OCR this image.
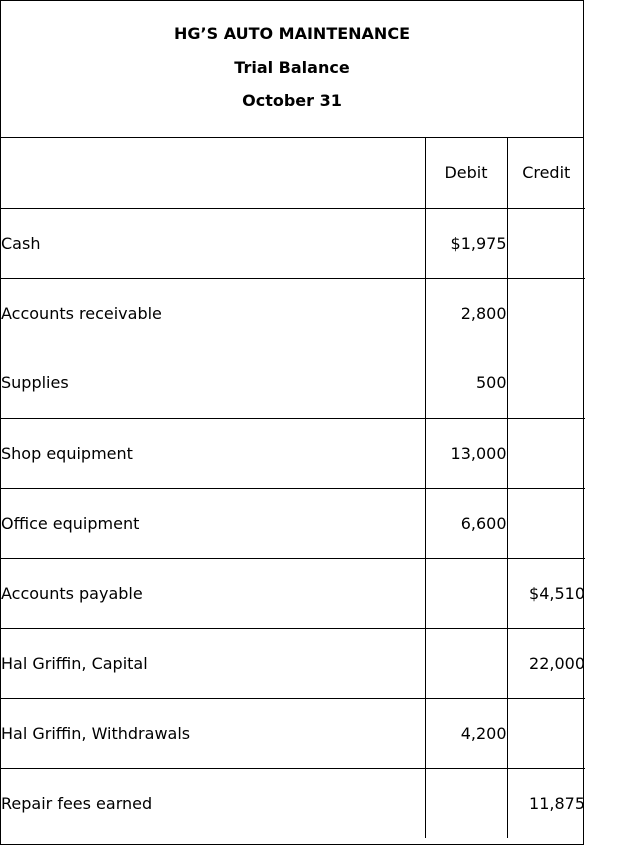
HG’S AUTO MAINTENANCE
Trial Balance
October 31
	Debit	Credit
Cash	$1,975	
Accounts receivable	2,800	
Supplies	500	
Shop equipment	13,000	
Office equipment	6,600	
Accounts payable		$4,510
Hal Griffin, Capital		22,000
Hal Griffin, Withdrawals	4,200	
Repair fees earned		11,875
